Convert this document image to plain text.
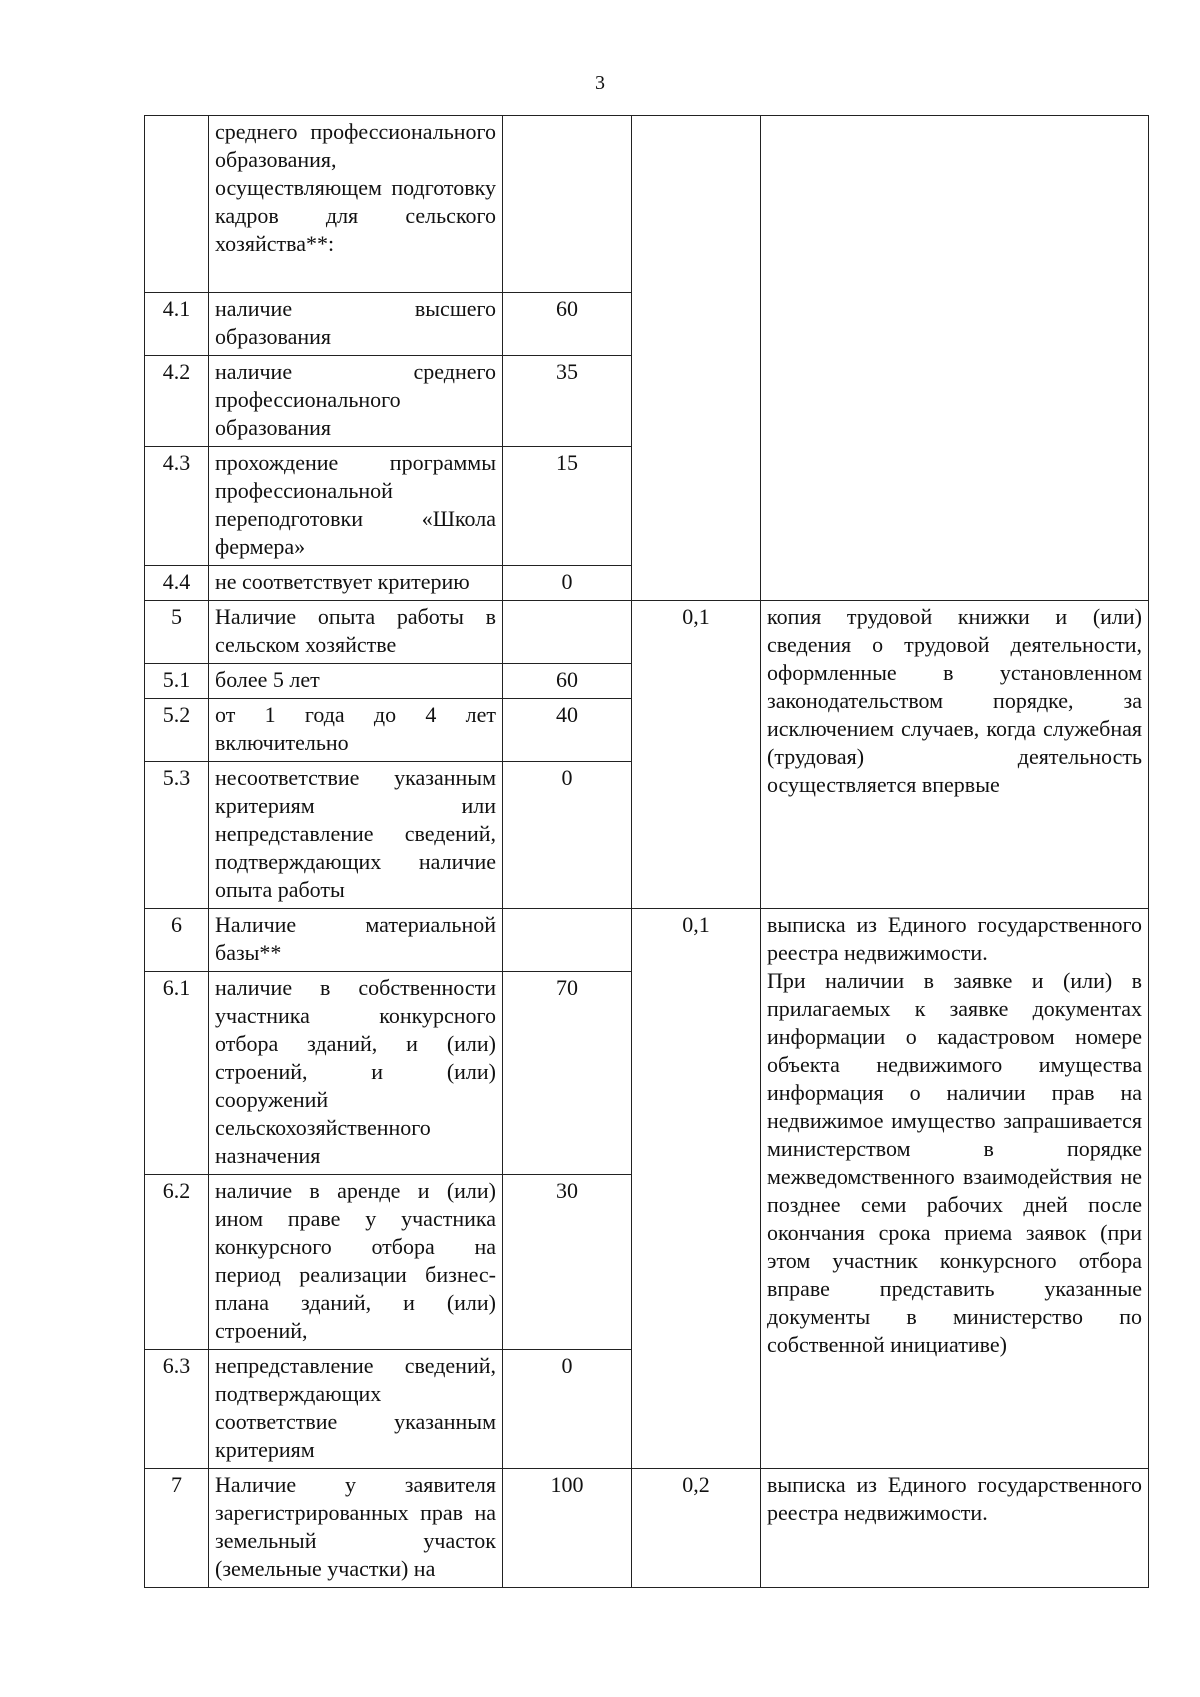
3
	среднего профессионального образования, осуществляющем подготовку кадров для сельского хозяйства**:			
4.1	наличие высшего образования	60		
4.2	наличие среднего профессионального образования	35		
4.3	прохождение программы профессиональной переподготовки «Школа фермера»	15		
4.4	не соответствует критерию	0		
5	Наличие опыта работы в сельском хозяйстве		0,1	копия трудовой книжки и (или) сведения о трудовой деятельности, оформленные в установленном законодательством порядке, за исключением случаев, когда служебная (трудовая) деятельность осуществляется впервые
5.1	более 5 лет	60		
5.2	от 1 года до 4 лет включительно	40		
5.3	несоответствие указанным критериям или непредставление сведений, подтверждающих наличие опыта работы	0		
6	Наличие материальной базы**		0,1	выписка из Единого государственного реестра недвижимости.
При наличии в заявке и (или) в прилагаемых к заявке документах информации о кадастровом номере объекта недвижимого имущества информация о наличии прав на недвижимое имущество запрашивается министерством в порядке межведомственного взаимодействия не позднее семи рабочих дней после окончания срока приема заявок (при этом участник конкурсного отбора вправе представить указанные документы в министерство по собственной инициативе)

6.1	наличие в собственности участника конкурсного отбора зданий, и (или) строений, и (или) сооружений сельскохозяйственного назначения	70		
6.2	наличие в аренде и (или) ином праве у участника конкурсного отбора на период реализации бизнес-плана зданий, и (или) строений,	30		
6.3	непредставление сведений, подтверждающих соответствие указанным критериям	0		
7	Наличие у заявителя зарегистрированных прав на земельный участок (земельные участки) на	100	0,2	выписка из Единого государственного реестра недвижимости.
